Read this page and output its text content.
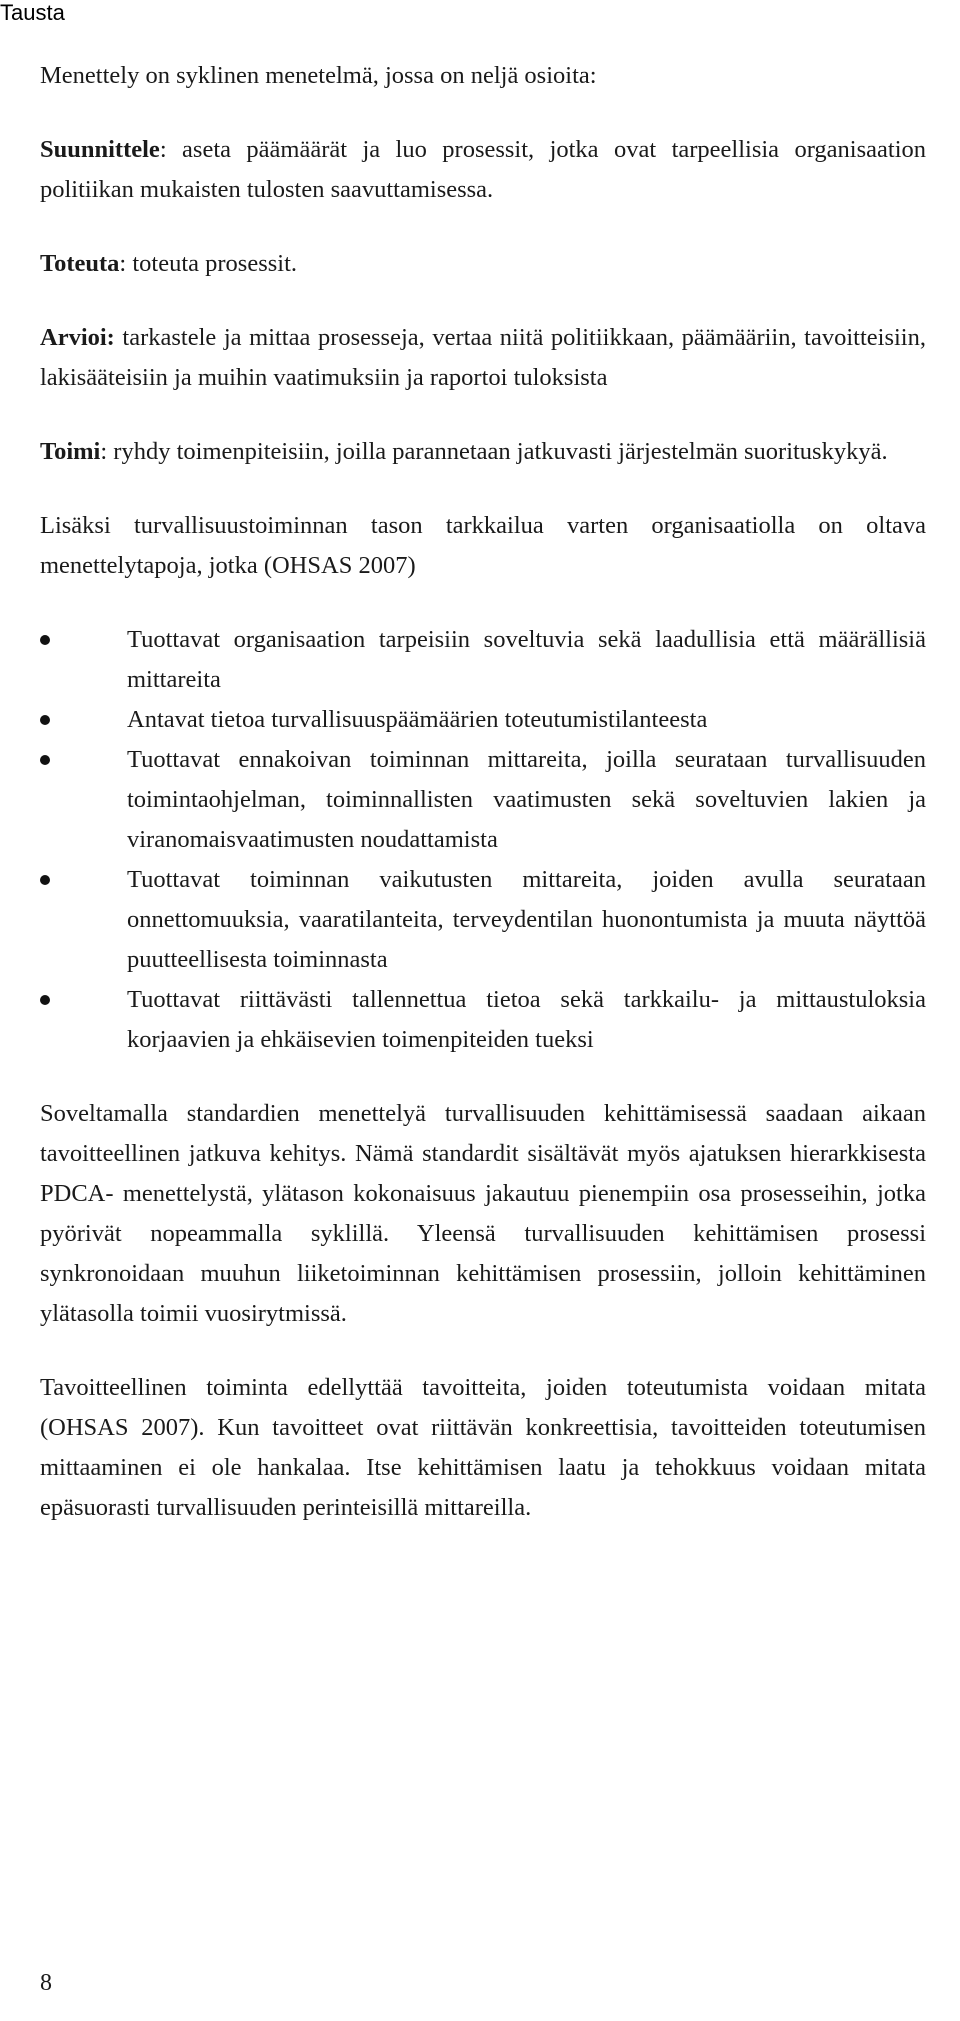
Tausta

Menettely on syklinen menetelmä, jossa on neljä osioita:

Suunnittele: aseta päämäärät ja luo prosessit, jotka ovat tarpeellisia organisaation politiikan mukaisten tulosten saavuttamisessa.

Toteuta: toteuta prosessit.

Arvioi: tarkastele ja mittaa prosesseja, vertaa niitä politiikkaan, päämääriin, tavoitteisiin, lakisääteisiin ja muihin vaatimuksiin ja raportoi tuloksista

Toimi: ryhdy toimenpiteisiin, joilla parannetaan jatkuvasti järjestelmän suorituskykyä.

Lisäksi turvallisuustoiminnan tason tarkkailua varten organisaatiolla on oltava menettelytapoja, jotka (OHSAS 2007)

Tuottavat organisaation tarpeisiin soveltuvia sekä laadullisia että määrällisiä mittareita
Antavat tietoa turvallisuuspäämäärien toteutumistilanteesta
Tuottavat ennakoivan toiminnan mittareita, joilla seurataan turvallisuuden toimintaohjelman, toiminnallisten vaatimusten sekä soveltuvien lakien ja viranomaisvaatimusten noudattamista
Tuottavat toiminnan vaikutusten mittareita, joiden avulla seurataan onnettomuuksia, vaaratilanteita, terveydentilan huonontumista ja muuta näyttöä puutteellisesta toiminnasta
Tuottavat riittävästi tallennettua tietoa sekä tarkkailu- ja mittaustuloksia korjaavien ja ehkäisevien toimenpiteiden tueksi

Soveltamalla standardien menettelyä turvallisuuden kehittämisessä saadaan aikaan tavoitteellinen jatkuva kehitys. Nämä standardit sisältävät myös ajatuksen hierarkkisesta PDCA- menettelystä, ylätason kokonaisuus jakautuu pienempiin osa prosesseihin, jotka pyörivät nopeammalla syklillä. Yleensä turvallisuuden kehittämisen prosessi synkronoidaan muuhun liiketoiminnan kehittämisen prosessiin, jolloin kehittäminen ylätasolla toimii vuosirytmissä.

Tavoitteellinen toiminta edellyttää tavoitteita, joiden toteutumista voidaan mitata (OHSAS 2007). Kun tavoitteet ovat riittävän konkreettisia, tavoitteiden toteutumisen mittaaminen ei ole hankalaa. Itse kehittämisen laatu ja tehokkuus voidaan mitata epäsuorasti turvallisuuden perinteisillä mittareilla.

8
